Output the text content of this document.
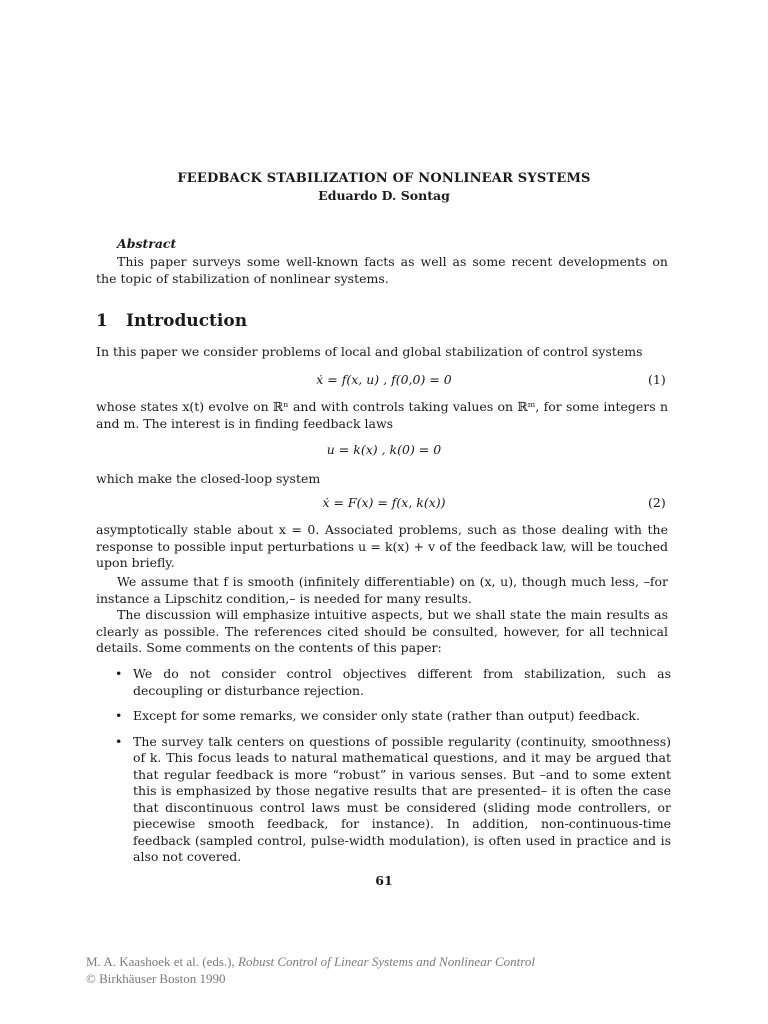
FEEDBACK STABILIZATION OF NONLINEAR SYSTEMS
Eduardo D. Sontag
Abstract
This paper surveys some well-known facts as well as some recent developments on the topic of stabilization of nonlinear systems.
1 Introduction
In this paper we consider problems of local and global stabilization of control systems
ẋ = f(x, u) , f(0,0) = 0	(1)
whose states x(t) evolve on ℝⁿ and with controls taking values on ℝᵐ, for some integers n and m. The interest is in finding feedback laws
u = k(x) , k(0) = 0
which make the closed-loop system
ẋ = F(x) = f(x, k(x))	(2)
asymptotically stable about x = 0. Associated problems, such as those dealing with the response to possible input perturbations u = k(x) + v of the feedback law, will be touched upon briefly.
We assume that f is smooth (infinitely differentiable) on (x, u), though much less, –for instance a Lipschitz condition,– is needed for many results.
The discussion will emphasize intuitive aspects, but we shall state the main results as clearly as possible. The references cited should be consulted, however, for all technical details. Some comments on the contents of this paper:
• We do not consider control objectives different from stabilization, such as decoupling or disturbance rejection.
• Except for some remarks, we consider only state (rather than output) feedback.
• The survey talk centers on questions of possible regularity (continuity, smoothness) of k. This focus leads to natural mathematical questions, and it may be argued that that regular feedback is more “robust” in various senses. But –and to some extent this is emphasized by those negative results that are presented– it is often the case that discontinuous control laws must be considered (sliding mode controllers, or piecewise smooth feedback, for instance). In addition, non-continuous-time feedback (sampled control, pulse-width modulation), is often used in practice and is also not covered.
61
M. A. Kaashoek et al. (eds.), Robust Control of Linear Systems and Nonlinear Control
© Birkhäuser Boston 1990
